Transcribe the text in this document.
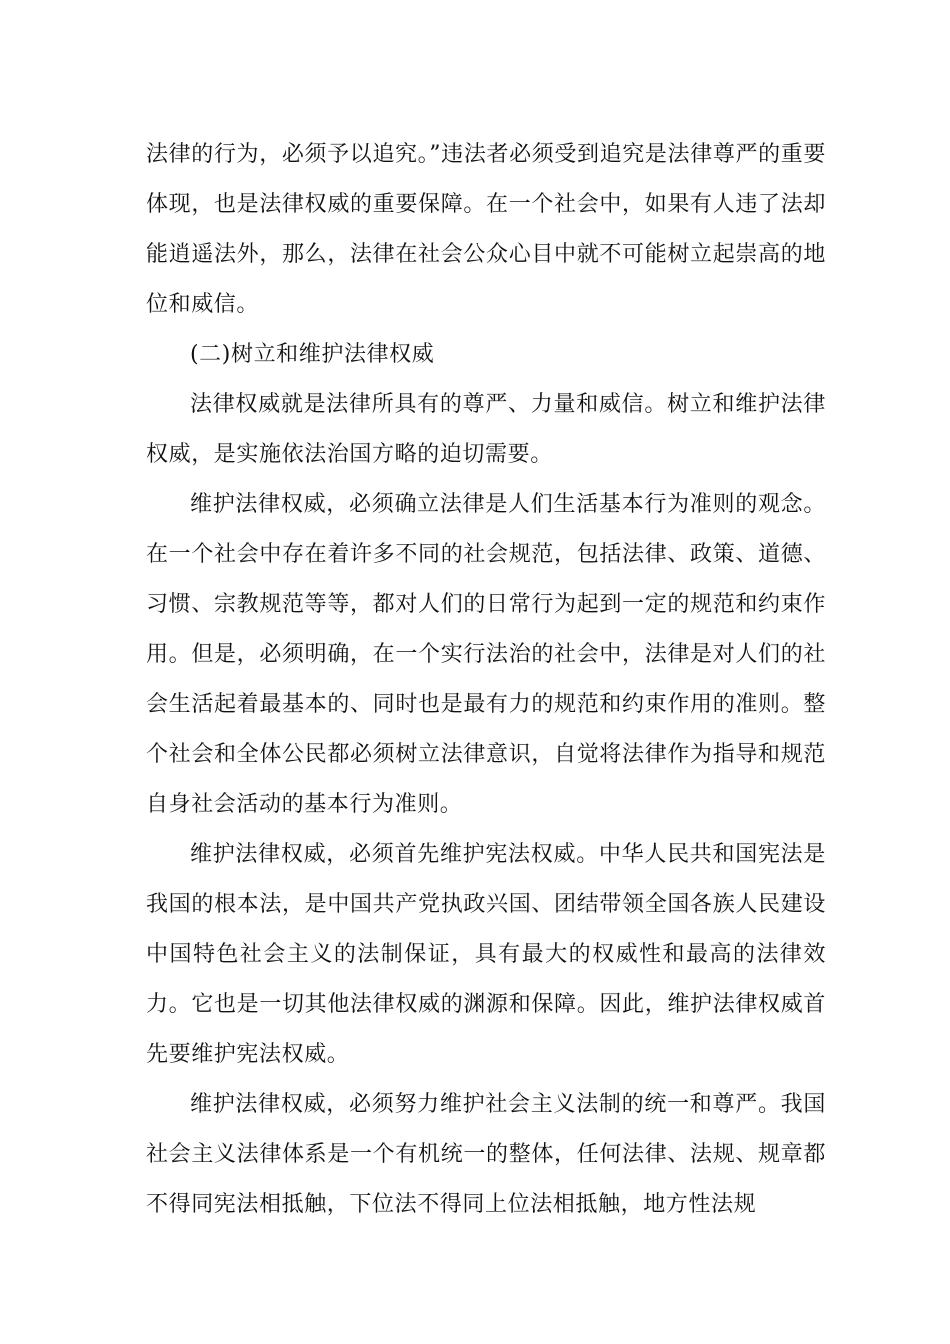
法律的行为，必须予以追究。”违法者必须受到追究是法律尊严的重要体现，也是法律权威的重要保障。在一个社会中，如果有人违了法却能逍遥法外，那么，法律在社会公众心目中就不可能树立起崇高的地位和威信。

(二)树立和维护法律权威

法律权威就是法律所具有的尊严、力量和威信。树立和维护法律权威，是实施依法治国方略的迫切需要。

维护法律权威，必须确立法律是人们生活基本行为准则的观念。在一个社会中存在着许多不同的社会规范，包括法律、政策、道德、习惯、宗教规范等等，都对人们的日常行为起到一定的规范和约束作用。但是，必须明确，在一个实行法治的社会中，法律是对人们的社会生活起着最基本的、同时也是最有力的规范和约束作用的准则。整个社会和全体公民都必须树立法律意识，自觉将法律作为指导和规范自身社会活动的基本行为准则。

维护法律权威，必须首先维护宪法权威。中华人民共和国宪法是我国的根本法，是中国共产党执政兴国、团结带领全国各族人民建设中国特色社会主义的法制保证，具有最大的权威性和最高的法律效力。它也是一切其他法律权威的渊源和保障。因此，维护法律权威首先要维护宪法权威。

维护法律权威，必须努力维护社会主义法制的统一和尊严。我国社会主义法律体系是一个有机统一的整体，任何法律、法规、规章都不得同宪法相抵触，下位法不得同上位法相抵触，地方性法规
